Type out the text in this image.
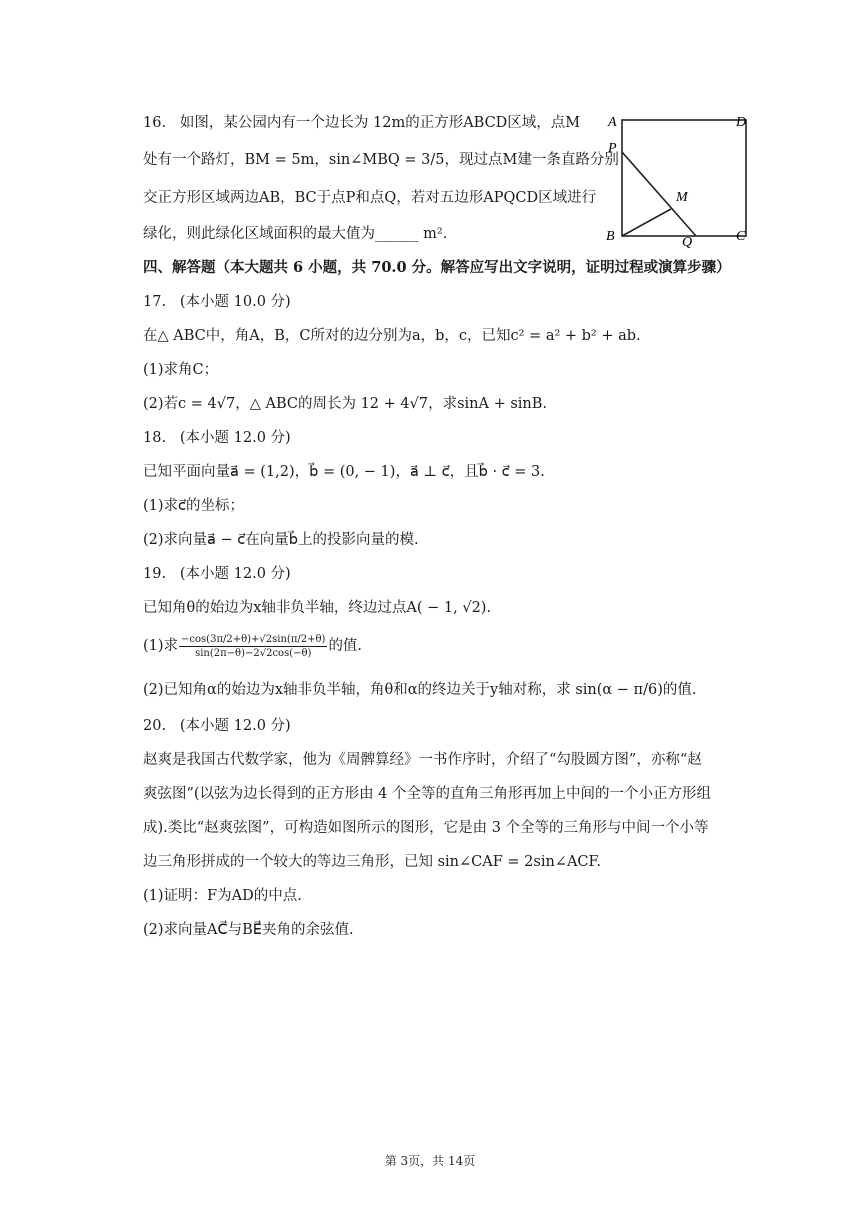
16.   如图，某公园内有一个边长为 12m的正方形ABCD区域，点M
处有一个路灯，BM = 5m，sin∠MBQ = 3/5，现过点M建一条直路分别
交正方形区域两边AB，BC于点P和点Q，若对五边形APQCD区域进行
绿化，则此绿化区域面积的最大值为______ m².
A	D
P
M
B	Q	C
四、解答题（本大题共 6 小题，共 70.0 分。解答应写出文字说明，证明过程或演算步骤）
17.   (本小题 10.0 分)
在△ ABC中，角A，B，C所对的边分别为a，b，c，已知c² = a² + b² + ab.
(1)求角C；
(2)若c = 4√7，△ ABC的周长为 12 + 4√7，求sinA + sinB.
18.   (本小题 12.0 分)
已知平面向量a⃗ = (1,2)，b⃗ = (0, − 1)，a⃗ ⊥ c⃗，且b⃗ · c⃗ = 3.
(1)求c⃗的坐标；
(2)求向量a⃗ − c⃗在向量b⃗上的投影向量的模.
19.   (本小题 12.0 分)
已知角θ的始边为x轴非负半轴，终边过点A( − 1, √2).
(1)求 $\frac{-\cos(3\pi/2+\theta)+√2\sin(\pi/2+\theta)}{\sin(2\pi-\theta)-2√2\cos(-\theta)}$ 的值.
(2)已知角α的始边为x轴非负半轴，角θ和α的终边关于y轴对称，求 sin(α − π/6)的值.
20.   (本小题 12.0 分)
赵爽是我国古代数学家，他为《周髀算经》一书作序时，介绍了“勾股圆方图”，亦称“赵
爽弦图”(以弦为边长得到的正方形由 4 个全等的直角三角形再加上中间的一个小正方形组
成).类比“赵爽弦图”，可构造如图所示的图形，它是由 3 个全等的三角形与中间一个小等
边三角形拼成的一个较大的等边三角形，已知 sin∠CAF = 2sin∠ACF.
(1)证明：F为AD的中点.
(2)求向量AC⃗与BE⃗夹角的余弦值.
第 3页，共 14页
